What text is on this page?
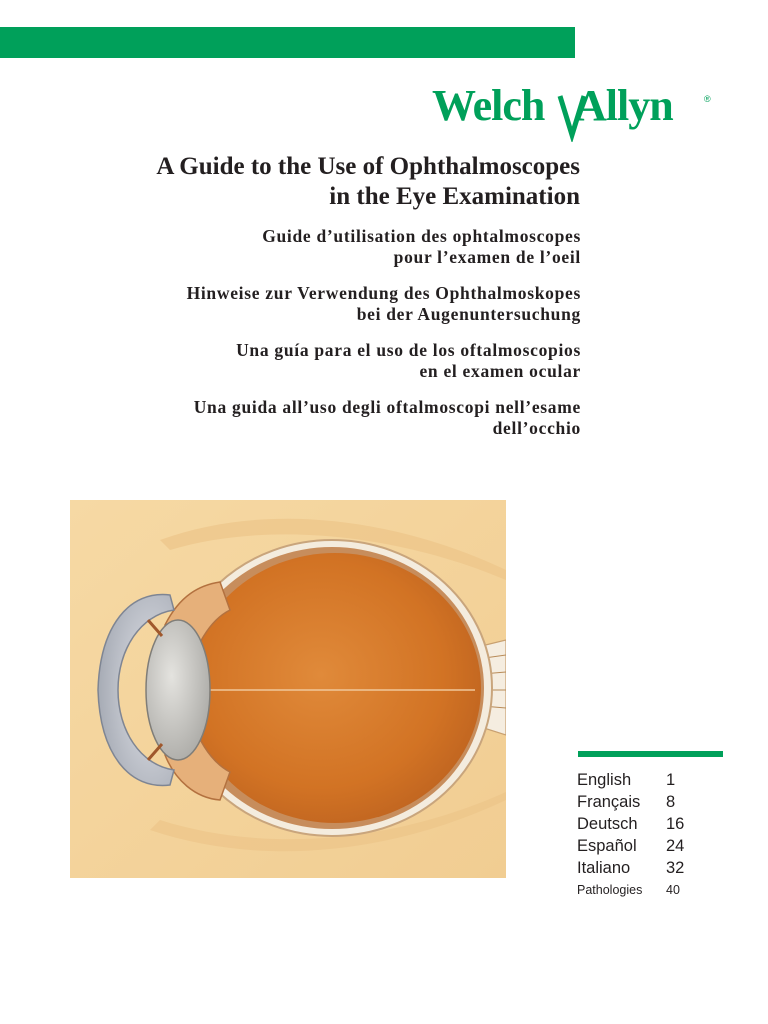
Welch Allyn	®
A Guide to the Use of Ophthalmoscopes
in the Eye Examination

Guide d’utilisation des ophtalmoscopes
pour l’examen de l’oeil

Hinweise zur Verwendung des Ophthalmoskopes
bei der Augenuntersuchung

Una guía para el uso de los oftalmoscopios
en el examen ocular

Una guida all’uso degli oftalmoscopi nell’esame
dell’occhio

English	1
Français	8
Deutsch	16
Español	24
Italiano	32
Pathologies	40
